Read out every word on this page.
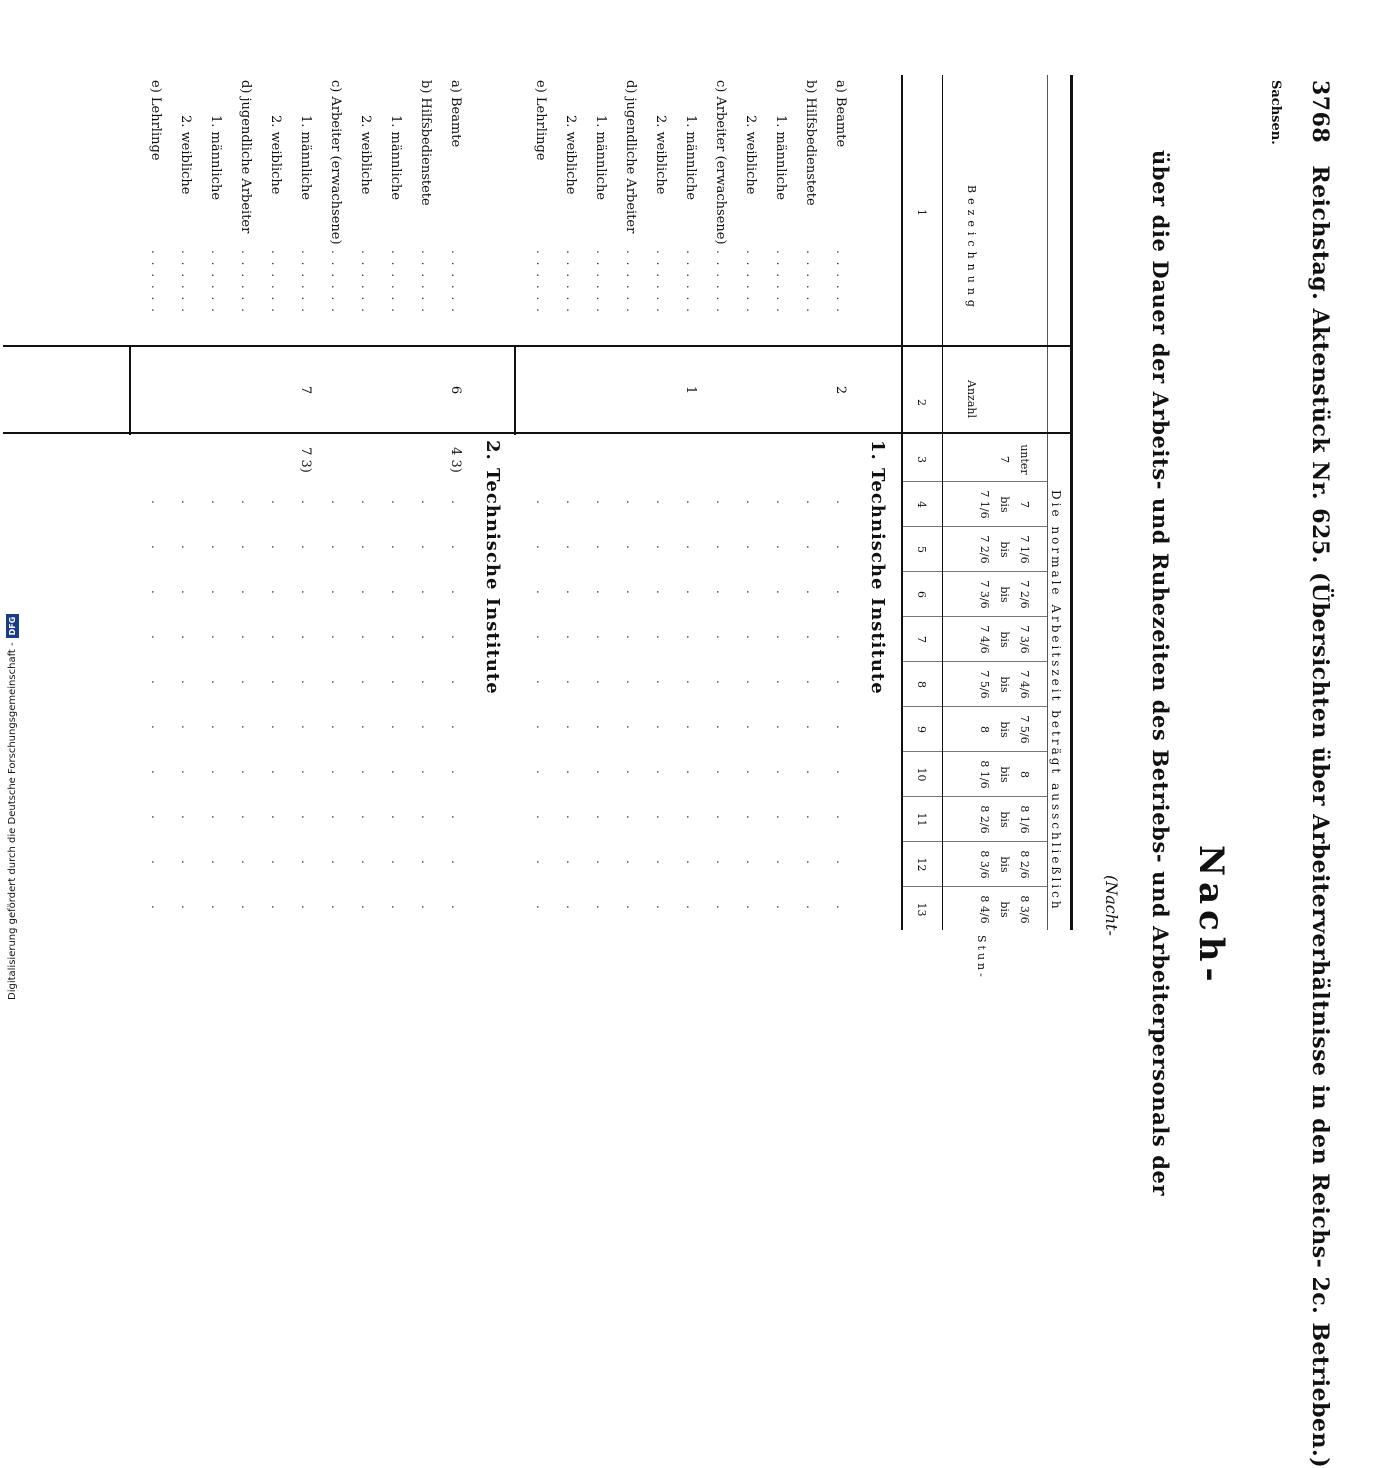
3768 Reichstag. Aktenstück Nr. 625. (Übersichten über Arbeiterverhältnisse in den Reichs- 2c. Betrieben.)
Sachsen.
Nach-
über die Dauer der Arbeits- und Ruhezeiten des Betriebs- und Arbeiterpersonals der
(Nacht-
Bezeichnung
Anzahl
Die normale Arbeitszeit beträgt ausschließlich
Stun-
unter
7
7 1/6
7 2/6
7 3/6
7 4/6
7 5/6
8
8 1/6
8 2/6
8 3/6
7
bis
bis
bis
bis
bis
bis
bis
bis
bis
bis
7 1/6
7 2/6
7 3/6
7 4/6
7 5/6
8
8 1/6
8 2/6
8 3/6
8 4/6
1
2
3
4
5
6
7
8
9
10
11
12
13
1. Technische Institute
a) Beamte
. . . . . .
2
.
.
.
.
.
.
.
.
.
.
b) Hilfsbedienstete
. . . . . .
.
.
.
.
.
.
.
.
.
.
1. männliche
. . . . . .
.
.
.
.
.
.
.
.
.
.
2. weibliche
. . . . . .
.
.
.
.
.
.
.
.
.
.
c) Arbeiter (erwachsene)
. . . . . .
.
.
.
.
.
.
.
.
.
.
1. männliche
. . . . . .
1
.
.
.
.
.
.
.
.
.
.
2. weibliche
. . . . . .
.
.
.
.
.
.
.
.
.
.
d) jugendliche Arbeiter
. . . . . .
.
.
.
.
.
.
.
.
.
.
1. männliche
. . . . . .
.
.
.
.
.
.
.
.
.
.
2. weibliche
. . . . . .
.
.
.
.
.
.
.
.
.
.
e) Lehrlinge
. . . . . .
.
.
.
.
.
.
.
.
.
.
2. Technische Institute
a) Beamte
. . . . . .
6
4 3)
.
.
.
.
.
.
.
.
.
.
b) Hilfsbedienstete
. . . . . .
.
.
.
.
.
.
.
.
.
.
1. männliche
. . . . . .
.
.
.
.
.
.
.
.
.
.
2. weibliche
. . . . . .
.
.
.
.
.
.
.
.
.
.
c) Arbeiter (erwachsene)
. . . . . .
.
.
.
.
.
.
.
.
.
.
1. männliche
. . . . . .
7
7 3)
.
.
.
.
.
.
.
.
.
.
2. weibliche
. . . . . .
.
.
.
.
.
.
.
.
.
.
d) jugendliche Arbeiter
. . . . . .
.
.
.
.
.
.
.
.
.
.
1. männliche
. . . . . .
.
.
.
.
.
.
.
.
.
.
2. weibliche
. . . . . .
.
.
.
.
.
.
.
.
.
.
e) Lehrlinge
. . . . . .
.
.
.
.
.
.
.
.
.
.
Digitalisierung gefördert durch die Deutsche Forschungsgemeinschaft -
DFG
